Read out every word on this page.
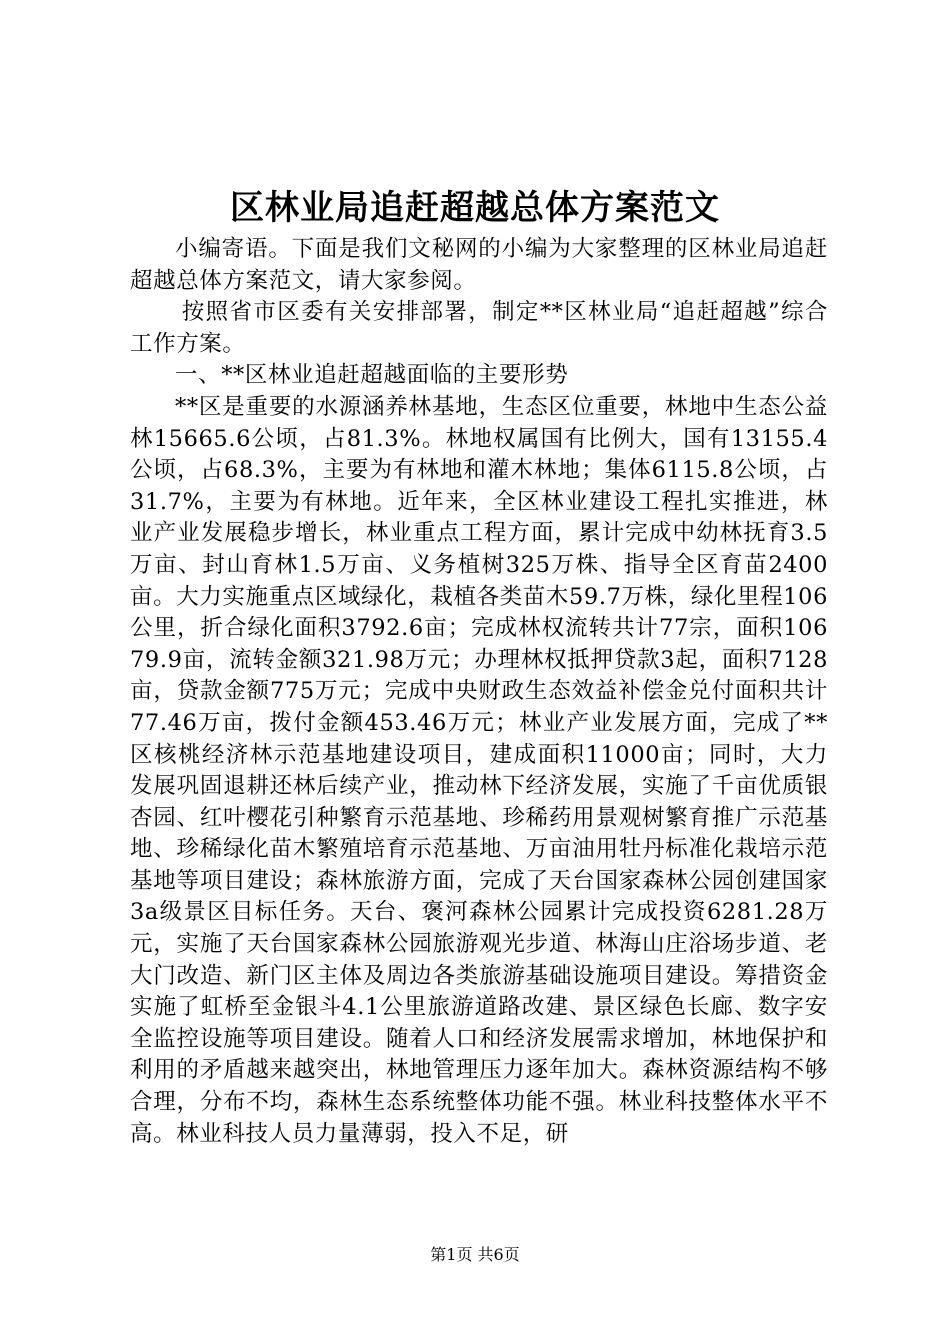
区林业局追赶超越总体方案范文

小编寄语。下面是我们文秘网的小编为大家整理的区林业局追赶超越总体方案范文，请大家参阅。

按照省市区委有关安排部署，制定**区林业局“追赶超越”综合工作方案。

一、**区林业追赶超越面临的主要形势

**区是重要的水源涵养林基地，生态区位重要，林地中生态公益林15665.6公顷，占81.3%。林地权属国有比例大，国有13155.4公顷，占68.3%，主要为有林地和灌木林地；集体6115.8公顷，占31.7%，主要为有林地。近年来，全区林业建设工程扎实推进，林业产业发展稳步增长，林业重点工程方面，累计完成中幼林抚育3.5万亩、封山育林1.5万亩、义务植树325万株、指导全区育苗2400亩。大力实施重点区域绿化，栽植各类苗木59.7万株，绿化里程106公里，折合绿化面积3792.6亩；完成林权流转共计77宗，面积10679.9亩，流转金额321.98万元；办理林权抵押贷款3起，面积7128亩，贷款金额775万元；完成中央财政生态效益补偿金兑付面积共计77.46万亩，拨付金额453.46万元；林业产业发展方面，完成了**区核桃经济林示范基地建设项目，建成面积11000亩；同时，大力发展巩固退耕还林后续产业，推动林下经济发展，实施了千亩优质银杏园、红叶樱花引种繁育示范基地、珍稀药用景观树繁育推广示范基地、珍稀绿化苗木繁殖培育示范基地、万亩油用牡丹标准化栽培示范基地等项目建设；森林旅游方面，完成了天台国家森林公园创建国家3a级景区目标任务。天台、褒河森林公园累计完成投资6281.28万元，实施了天台国家森林公园旅游观光步道、林海山庄浴场步道、老大门改造、新门区主体及周边各类旅游基础设施项目建设。筹措资金实施了虹桥至金银斗4.1公里旅游道路改建、景区绿色长廊、数字安全监控设施等项目建设。随着人口和经济发展需求增加，林地保护和利用的矛盾越来越突出，林地管理压力逐年加大。森林资源结构不够合理，分布不均，森林生态系统整体功能不强。林业科技整体水平不高。林业科技人员力量薄弱，投入不足，研

第1页 共6页
